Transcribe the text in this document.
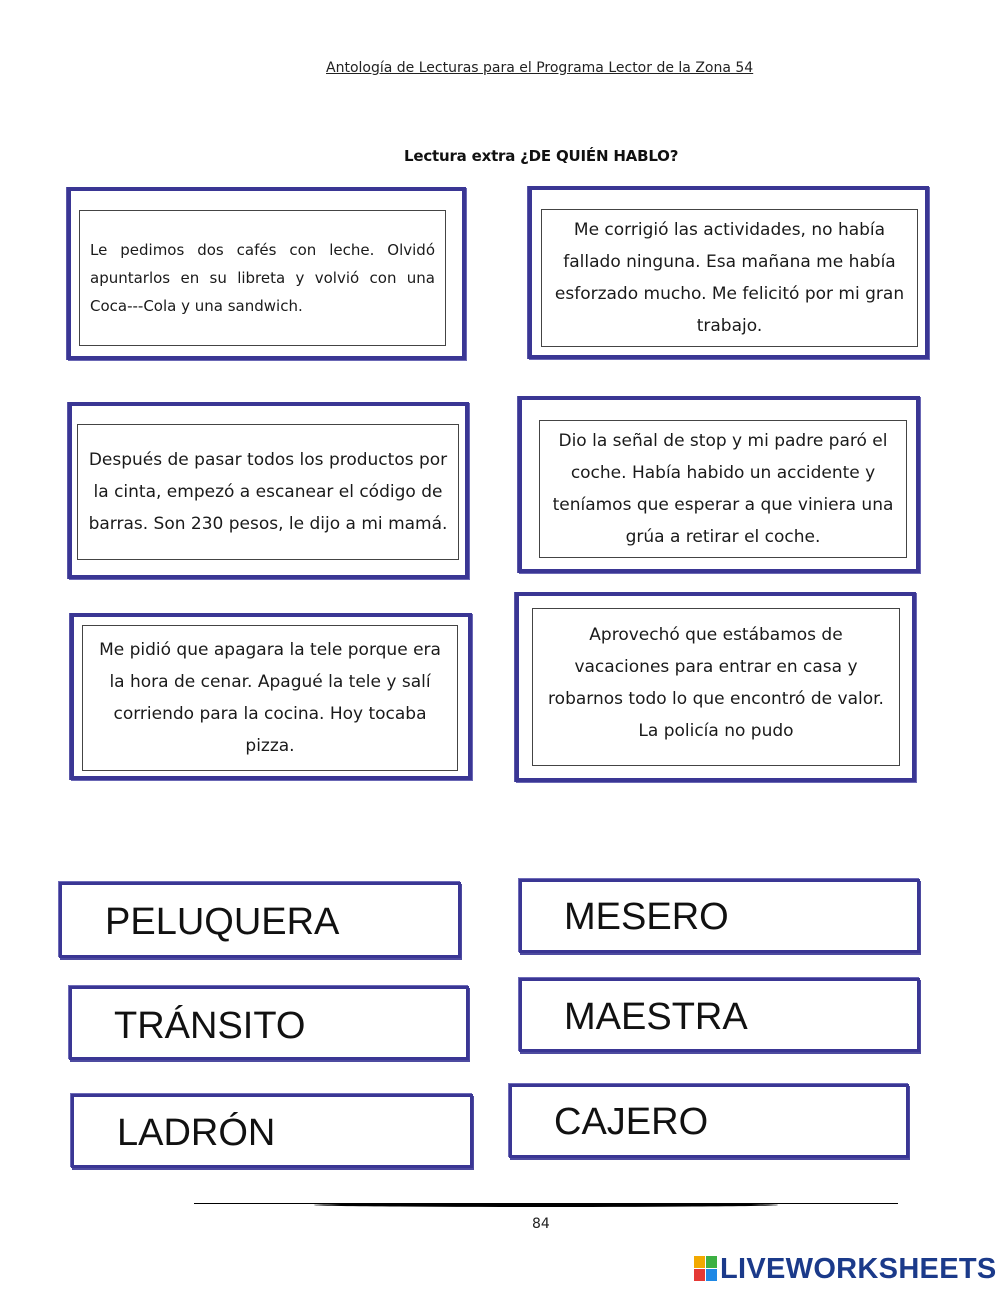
Antología de Lecturas para el Programa Lector de la Zona 54
Lectura extra ¿DE QUIÉN HABLO?

Le pedimos dos cafés con leche. Olvidó apuntarlos en su libreta y volvió con una Coca---Cola y una sandwich.

Me corrigió las actividades, no había fallado ninguna. Esa mañana me había esforzado mucho. Me felicitó por mi gran trabajo.

Después de pasar todos los productos por la cinta, empezó a escanear el código de barras. Son 230 pesos, le dijo a mi mamá.

Dio la señal de stop y mi padre paró el coche. Había habido un accidente y teníamos que esperar a que viniera una grúa a retirar el coche.

Me pidió que apagara la tele porque era la hora de cenar. Apagué la tele y salí corriendo para la cocina. Hoy tocaba pizza.

Aprovechó que estábamos de vacaciones para entrar en casa y robarnos todo lo que encontró de valor. La policía no pudo

PELUQUERA	MESERO
TRÁNSITO	MAESTRA
LADRÓN	CAJERO
84
LIVEWORKSHEETS
